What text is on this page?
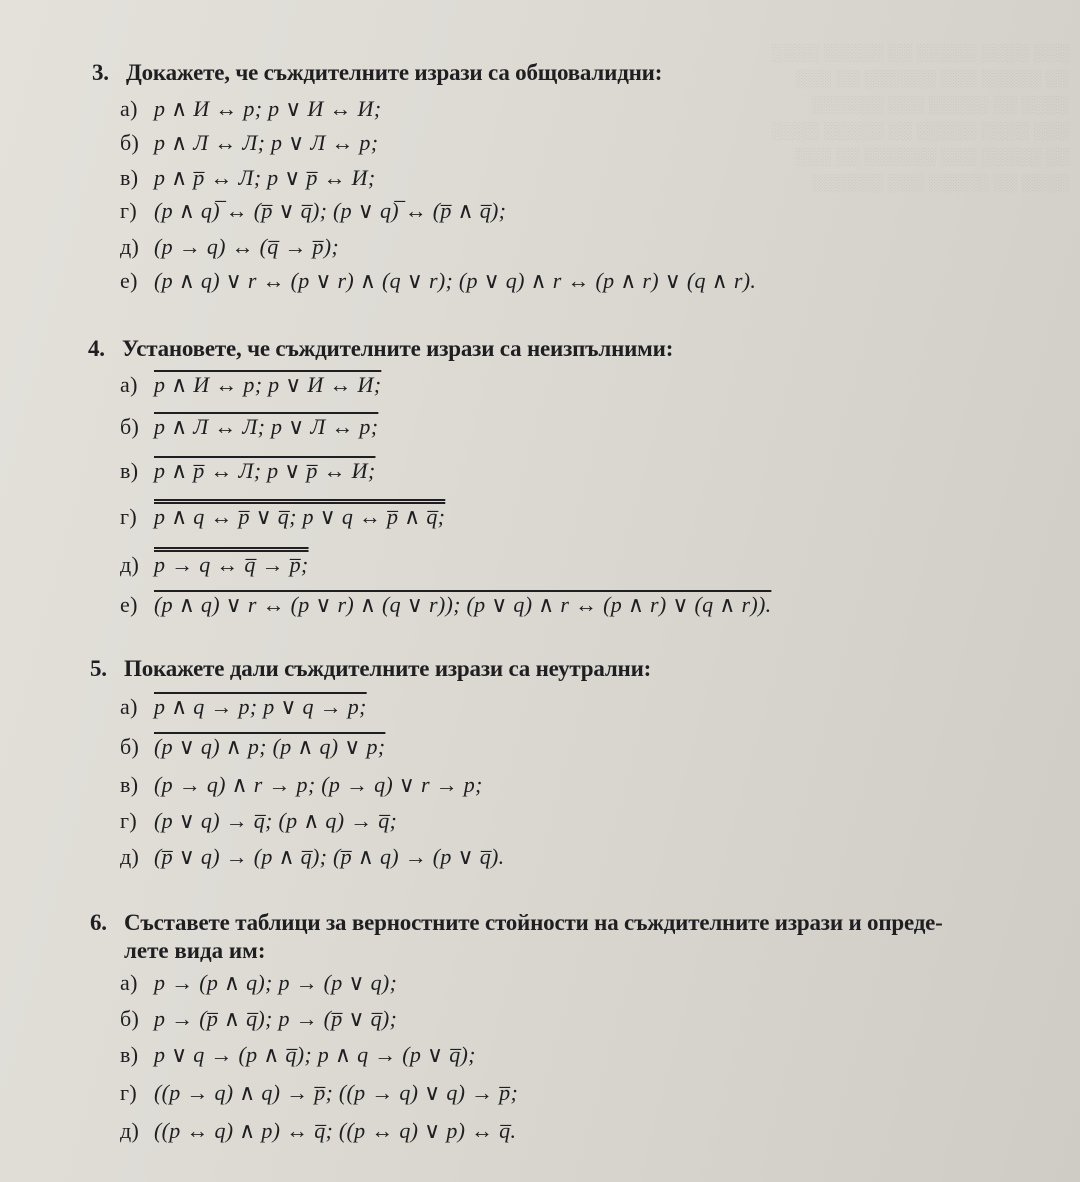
░░░ ░░░░ ░░░░░ ░░ ░░░░░ ░░░░
░░ ░░░░░ ░░░ ░░░░░░ ░░ ░░░
░░░░ ░░ ░░░░░ ░░░ ░░░░░░
░░░ ░░░░ ░░░░░ ░░ ░░░░░ ░░░░
░░ ░░░░░ ░░░ ░░░░░░ ░░ ░░░
░░░░ ░░ ░░░░░ ░░░ ░░░░░░

3. Докажете, че съждителните изрази са общовалидни:
а) p ∧ И ↔ p; p ∨ И ↔ И;
б) p ∧ Л ↔ Л; p ∨ Л ↔ p;
в) p ∧ p̅ ↔ Л; p ∨ p̅ ↔ И;
г) (p ∧ q)̅ ↔ (p̅ ∨ q̅); (p ∨ q)̅ ↔ (p̅ ∧ q̅);
д) (p → q) ↔ (q̅ → p̅);
е) (p ∧ q) ∨ r ↔ (p ∨ r) ∧ (q ∨ r); (p ∨ q) ∧ r ↔ (p ∧ r) ∨ (q ∧ r).
4. Установете, че съждителните изрази са неизпълними:
а) p ∧ И ↔ p; p ∨ И ↔ И;
б) p ∧ Л ↔ Л; p ∨ Л ↔ p;
в) p ∧ p̅ ↔ Л; p ∨ p̅ ↔ И;
г) p ∧ q ↔ p̅ ∨ q̅; p ∨ q ↔ p̅ ∧ q̅;
д) p → q ↔ q̅ → p̅;
е) (p ∧ q) ∨ r ↔ (p ∨ r) ∧ (q ∨ r)); (p ∨ q) ∧ r ↔ (p ∧ r) ∨ (q ∧ r)).
5. Покажете дали съждителните изрази са неутрални:
а) p ∧ q → p; p ∨ q → p;
б) (p ∨ q) ∧ p; (p ∧ q) ∨ p;
в) (p → q) ∧ r → p; (p → q) ∨ r → p;
г) (p ∨ q) → q̅; (p ∧ q) → q̅;
д) (p̅ ∨ q) → (p ∧ q̅); (p̅ ∧ q) → (p ∨ q̅).
6. Съставете таблици за верностните стойности на съждителните изрази и опреде-
лете вида им:
а) p → (p ∧ q); p → (p ∨ q);
б) p → (p̅ ∧ q̅); p → (p̅ ∨ q̅);
в) p ∨ q → (p ∧ q̅); p ∧ q → (p ∨ q̅);
г) ((p → q) ∧ q) → p̅; ((p → q) ∨ q) → p̅;
д) ((p ↔ q) ∧ p) ↔ q̅; ((p ↔ q) ∨ p) ↔ q̅.
